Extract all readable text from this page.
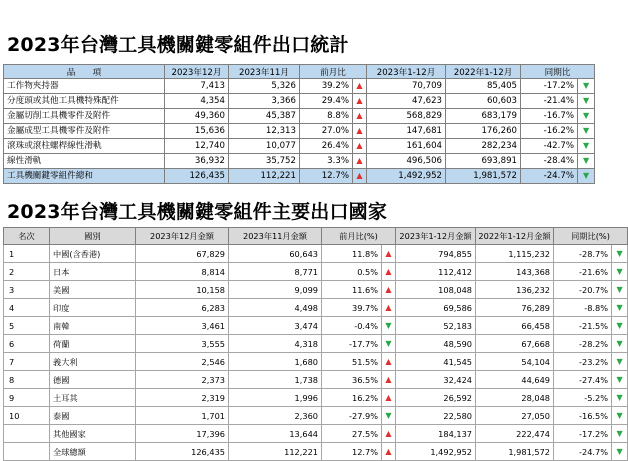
2023年台灣工具機關鍵零組件出口統計
品　　項	2023年12月	2023年11月	前月比		2023年1-12月	2022年1-12月	同期比	
工作物夾持器	7,413	5,326	39.2%	▲	70,709	85,405	-17.2%	▼
分度頭或其他工具機特殊配件	4,354	3,366	29.4%	▲	47,623	60,603	-21.4%	▼
金屬切削工具機零件及附件	49,360	45,387	8.8%	▲	568,829	683,179	-16.7%	▼
金屬成型工具機零件及附件	15,636	12,313	27.0%	▲	147,681	176,260	-16.2%	▼
滾珠或滾柱螺桿線性滑軌	12,740	10,077	26.4%	▲	161,604	282,234	-42.7%	▼
線性滑軌	36,932	35,752	3.3%	▲	496,506	693,891	-28.4%	▼
工具機關鍵零組件總和	126,435	112,221	12.7%	▲	1,492,952	1,981,572	-24.7%	▼
2023年台灣工具機關鍵零組件主要出口國家
名次	國別	2023年12月金額	2023年11月金額	前月比(%)		2023年1-12月金額	2022年1-12月金額	同期比(%)	
1	中國(含香港)	67,829	60,643	11.8%	▲	794,855	1,115,232	-28.7%	▼
2	日本	8,814	8,771	0.5%	▲	112,412	143,368	-21.6%	▼
3	美國	10,158	9,099	11.6%	▲	108,048	136,232	-20.7%	▼
4	印度	6,283	4,498	39.7%	▲	69,586	76,289	-8.8%	▼
5	南韓	3,461	3,474	-0.4%	▼	52,183	66,458	-21.5%	▼
6	荷蘭	3,555	4,318	-17.7%	▼	48,590	67,668	-28.2%	▼
7	義大利	2,546	1,680	51.5%	▲	41,545	54,104	-23.2%	▼
8	德國	2,373	1,738	36.5%	▲	32,424	44,649	-27.4%	▼
9	土耳其	2,319	1,996	16.2%	▲	26,592	28,048	-5.2%	▼
10	泰國	1,701	2,360	-27.9%	▼	22,580	27,050	-16.5%	▼
	其他國家	17,396	13,644	27.5%	▲	184,137	222,474	-17.2%	▼
	全球總額	126,435	112,221	12.7%	▲	1,492,952	1,981,572	-24.7%	▼
